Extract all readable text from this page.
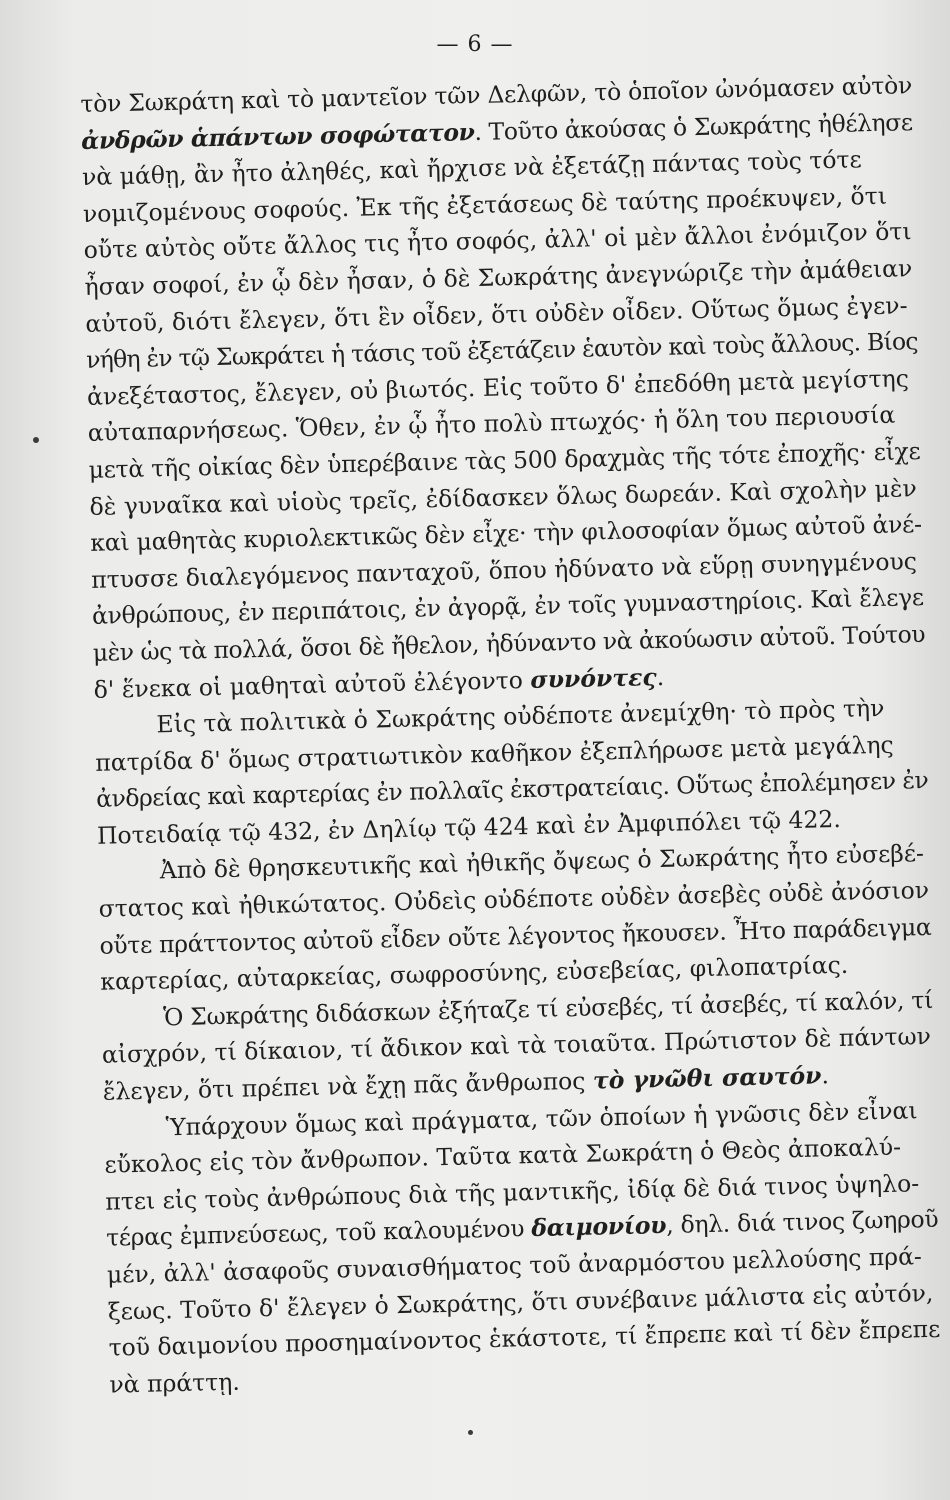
— 6 —
τὸν Σωκράτη καὶ τὸ μαντεῖον τῶν Δελφῶν, τὸ ὁποῖον ὠνόμασεν αὐτὸν
ἀνδρῶν ἁπάντων σοφώτατον. Τοῦτο ἀκούσας ὁ Σωκράτης ἠθέλησε
νὰ μάθῃ, ἂν ἦτο ἀληθές, καὶ ἤρχισε νὰ ἐξετάζῃ πάντας τοὺς τότε
νομιζομένους σοφούς. Ἐκ τῆς ἐξετάσεως δὲ ταύτης προέκυψεν, ὅτι
οὔτε αὐτὸς οὔτε ἄλλος τις ἦτο σοφός, ἀλλ' οἱ μὲν ἄλλοι ἐνόμιζον ὅτι
ἦσαν σοφοί, ἐν ᾧ δὲν ἦσαν, ὁ δὲ Σωκράτης ἀνεγνώριζε τὴν ἀμάθειαν
αὐτοῦ, διότι ἔλεγεν, ὅτι ἓν οἶδεν, ὅτι οὐδὲν οἶδεν. Οὕτως ὅμως ἐγεν-
νήθη ἐν τῷ Σωκράτει ἡ τάσις τοῦ ἐξετάζειν ἑαυτὸν καὶ τοὺς ἄλλους. Βίος
ἀνεξέταστος, ἔλεγεν, οὐ βιωτός. Εἰς τοῦτο δ' ἐπεδόθη μετὰ μεγίστης
αὐταπαρνήσεως. Ὅθεν, ἐν ᾧ ἦτο πολὺ πτωχός· ἡ ὅλη του περιουσία
μετὰ τῆς οἰκίας δὲν ὑπερέβαινε τὰς 500 δραχμὰς τῆς τότε ἐποχῆς· εἶχε
δὲ γυναῖκα καὶ υἱοὺς τρεῖς, ἐδίδασκεν ὅλως δωρεάν. Καὶ σχολὴν μὲν
καὶ μαθητὰς κυριολεκτικῶς δὲν εἶχε· τὴν φιλοσοφίαν ὅμως αὐτοῦ ἀνέ-
πτυσσε διαλεγόμενος πανταχοῦ, ὅπου ἠδύνατο νὰ εὕρῃ συνηγμένους
ἀνθρώπους, ἐν περιπάτοις, ἐν ἀγορᾷ, ἐν τοῖς γυμναστηρίοις. Καὶ ἔλεγε
μὲν ὡς τὰ πολλά, ὅσοι δὲ ἤθελον, ἠδύναντο νὰ ἀκούωσιν αὐτοῦ. Τούτου
δ' ἕνεκα οἱ μαθηταὶ αὐτοῦ ἐλέγοντο συνόντες.
Εἰς τὰ πολιτικὰ ὁ Σωκράτης οὐδέποτε ἀνεμίχθη· τὸ πρὸς τὴν
πατρίδα δ' ὅμως στρατιωτικὸν καθῆκον ἐξεπλήρωσε μετὰ μεγάλης
ἀνδρείας καὶ καρτερίας ἐν πολλαῖς ἐκστρατείαις. Οὕτως ἐπολέμησεν ἐν
Ποτειδαίᾳ τῷ 432, ἐν Δηλίῳ τῷ 424 καὶ ἐν Ἀμφιπόλει τῷ 422.
Ἀπὸ δὲ θρησκευτικῆς καὶ ἠθικῆς ὄψεως ὁ Σωκράτης ἦτο εὐσεβέ-
στατος καὶ ἠθικώτατος. Οὐδεὶς οὐδέποτε οὐδὲν ἀσεβὲς οὐδὲ ἀνόσιον
οὔτε πράττοντος αὐτοῦ εἶδεν οὔτε λέγοντος ἤκουσεν. Ἦτο παράδειγμα
καρτερίας, αὐταρκείας, σωφροσύνης, εὐσεβείας, φιλοπατρίας.
Ὁ Σωκράτης διδάσκων ἐξήταζε τί εὐσεβές, τί ἀσεβές, τί καλόν, τί
αἰσχρόν, τί δίκαιον, τί ἄδικον καὶ τὰ τοιαῦτα. Πρώτιστον δὲ πάντων
ἔλεγεν, ὅτι πρέπει νὰ ἔχῃ πᾶς ἄνθρωπος τὸ γνῶθι σαυτόν.
Ὑπάρχουν ὅμως καὶ πράγματα, τῶν ὁποίων ἡ γνῶσις δὲν εἶναι
εὔκολος εἰς τὸν ἄνθρωπον. Ταῦτα κατὰ Σωκράτη ὁ Θεὸς ἀποκαλύ-
πτει εἰς τοὺς ἀνθρώπους διὰ τῆς μαντικῆς, ἰδίᾳ δὲ διά τινος ὑψηλο-
τέρας ἐμπνεύσεως, τοῦ καλουμένου δαιμονίου, δηλ. διά τινος ζωηροῦ
μέν, ἀλλ' ἀσαφοῦς συναισθήματος τοῦ ἀναρμόστου μελλούσης πρά-
ξεως. Τοῦτο δ' ἔλεγεν ὁ Σωκράτης, ὅτι συνέβαινε μάλιστα εἰς αὐτόν,
τοῦ δαιμονίου προσημαίνοντος ἑκάστοτε, τί ἔπρεπε καὶ τί δὲν ἔπρεπε
νὰ πράττῃ.
